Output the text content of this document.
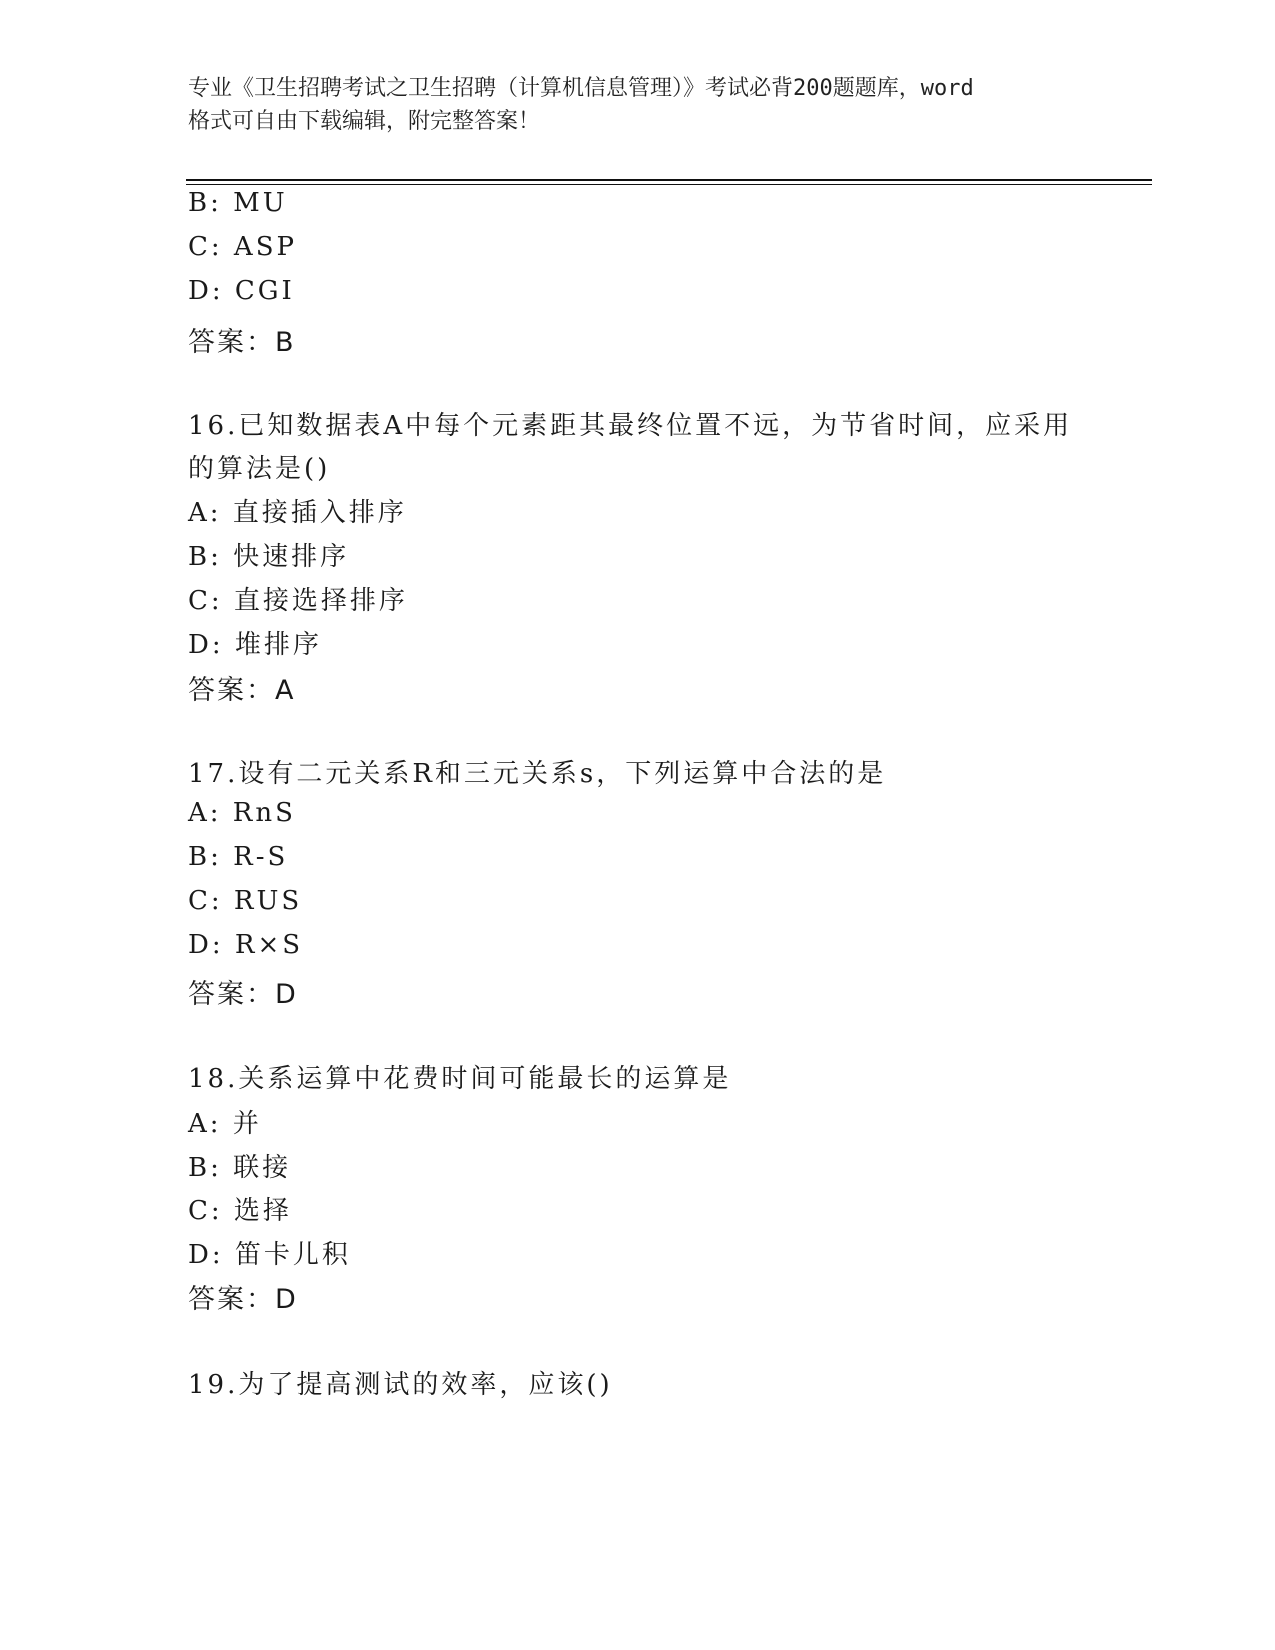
专业《卫生招聘考试之卫生招聘（计算机信息管理）》考试必背200题题库，word
格式可自由下载编辑，附完整答案！
B: MU
C: ASP
D: CGI
答案：B
16.已知数据表A中每个元素距其最终位置不远，为节省时间，应采用
的算法是()
A: 直接插入排序
B: 快速排序
C: 直接选择排序
D: 堆排序
答案：A
17.设有二元关系R和三元关系s，下列运算中合法的是
A: RnS
B: R-S
C: RUS
D: R×S
答案：D
18.关系运算中花费时间可能最长的运算是
A: 并
B: 联接
C: 选择
D: 笛卡儿积
答案：D
19.为了提高测试的效率，应该()
